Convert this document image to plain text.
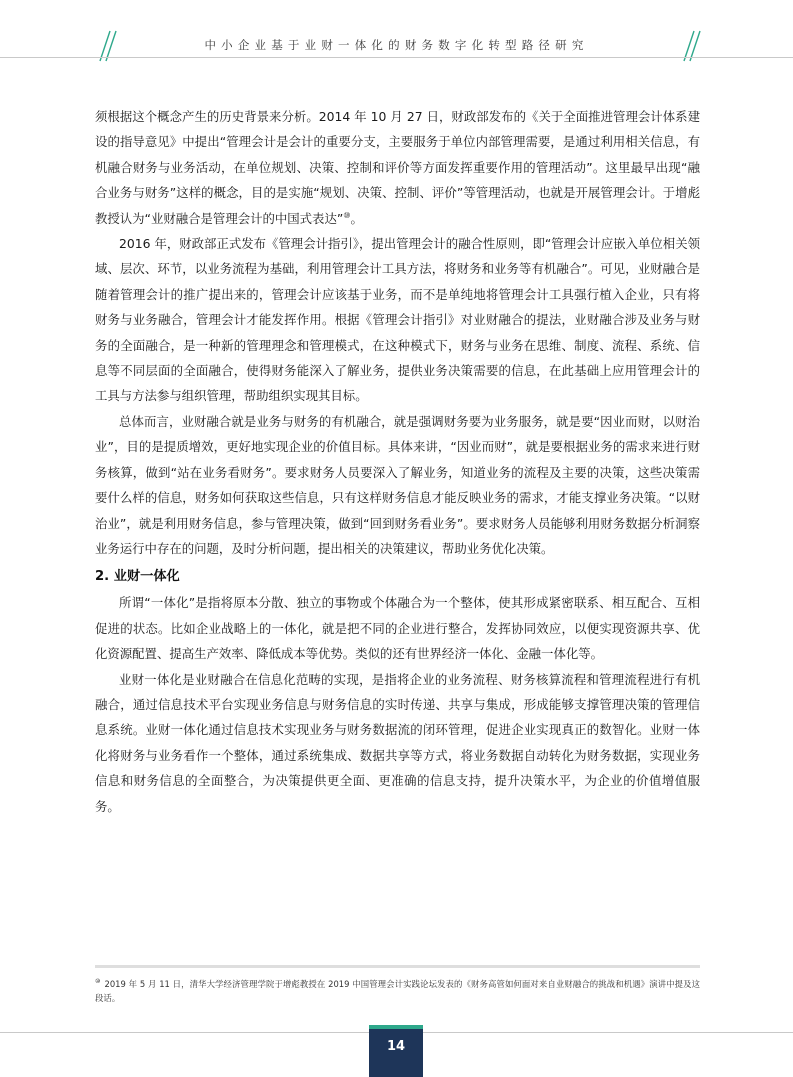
中小企业基于业财一体化的财务数字化转型路径研究

须根据这个概念产生的历史背景来分析。2014 年 10 月 27 日，财政部发布的《关于全面推进管理会计体系建设的指导意见》中提出“管理会计是会计的重要分支，主要服务于单位内部管理需要，是通过利用相关信息，有机融合财务与业务活动，在单位规划、决策、控制和评价等方面发挥重要作用的管理活动”。这里最早出现“融合业务与财务”这样的概念，目的是实施“规划、决策、控制、评价”等管理活动，也就是开展管理会计。于增彪教授认为“业财融合是管理会计的中国式表达”⑩。

2016 年，财政部正式发布《管理会计指引》，提出管理会计的融合性原则，即“管理会计应嵌入单位相关领域、层次、环节，以业务流程为基础，利用管理会计工具方法，将财务和业务等有机融合”。可见，业财融合是随着管理会计的推广提出来的，管理会计应该基于业务，而不是单纯地将管理会计工具强行植入企业，只有将财务与业务融合，管理会计才能发挥作用。根据《管理会计指引》对业财融合的提法，业财融合涉及业务与财务的全面融合，是一种新的管理理念和管理模式，在这种模式下，财务与业务在思维、制度、流程、系统、信息等不同层面的全面融合，使得财务能深入了解业务，提供业务决策需要的信息，在此基础上应用管理会计的工具与方法参与组织管理，帮助组织实现其目标。

总体而言，业财融合就是业务与财务的有机融合，就是强调财务要为业务服务，就是要“因业而财，以财治业”，目的是提质增效，更好地实现企业的价值目标。具体来讲，“因业而财”，就是要根据业务的需求来进行财务核算，做到“站在业务看财务”。要求财务人员要深入了解业务，知道业务的流程及主要的决策，这些决策需要什么样的信息，财务如何获取这些信息，只有这样财务信息才能反映业务的需求，才能支撑业务决策。“以财治业”，就是利用财务信息，参与管理决策，做到“回到财务看业务”。要求财务人员能够利用财务数据分析洞察业务运行中存在的问题，及时分析问题，提出相关的决策建议，帮助业务优化决策。

2. 业财一体化

所谓“一体化”是指将原本分散、独立的事物或个体融合为一个整体，使其形成紧密联系、相互配合、互相促进的状态。比如企业战略上的一体化，就是把不同的企业进行整合，发挥协同效应，以便实现资源共享、优化资源配置、提高生产效率、降低成本等优势。类似的还有世界经济一体化、金融一体化等。

业财一体化是业财融合在信息化范畴的实现，是指将企业的业务流程、财务核算流程和管理流程进行有机融合，通过信息技术平台实现业务信息与财务信息的实时传递、共享与集成，形成能够支撑管理决策的管理信息系统。业财一体化通过信息技术实现业务与财务数据流的闭环管理，促进企业实现真正的数智化。业财一体化将财务与业务看作一个整体，通过系统集成、数据共享等方式，将业务数据自动转化为财务数据，实现业务信息和财务信息的全面整合，为决策提供更全面、更准确的信息支持，提升决策水平，为企业的价值增值服务。

⑩ 2019 年 5 月 11 日，清华大学经济管理学院于增彪教授在 2019 中国管理会计实践论坛发表的《财务高管如何面对来自业财融合的挑战和机遇》演讲中提及这段话。
14
